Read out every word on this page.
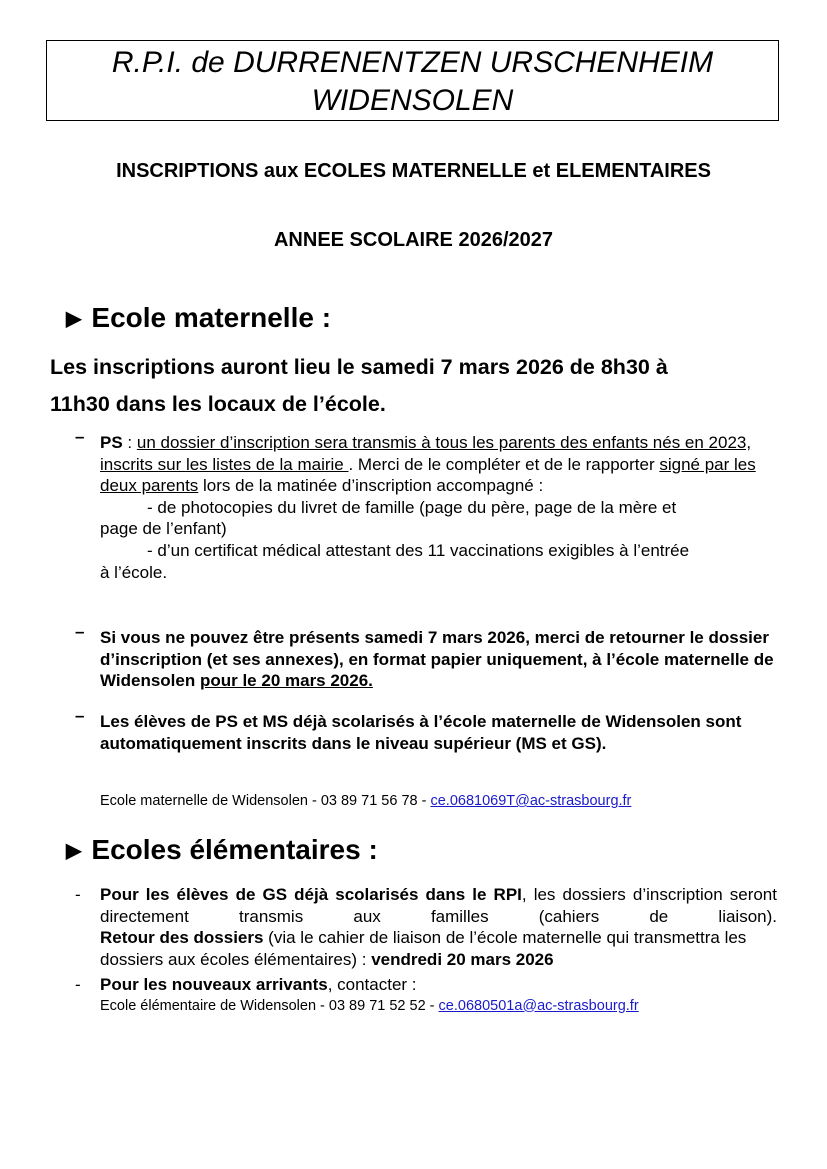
R.P.I. de DURRENENTZEN URSCHENHEIM
WIDENSOLEN
INSCRIPTIONS aux ECOLES MATERNELLE et ELEMENTAIRES
ANNEE SCOLAIRE 2026/2027
▶ Ecole maternelle :
Les inscriptions auront lieu le samedi 7 mars 2026 de 8h30 à
11h30 dans les locaux de l’école.
– PS : un dossier d’inscription sera transmis à tous les parents des enfants nés en 2023, inscrits sur les listes de la mairie . Merci de le compléter et de le rapporter signé par les deux parents lors de la matinée d’inscription accompagné :
- de photocopies du livret de famille (page du père, page de la mère et
page de l’enfant)
- d’un certificat médical attestant des 11 vaccinations exigibles à l’entrée
à l’école.
– Si vous ne pouvez être présents samedi 7 mars 2026, merci de retourner le dossier d’inscription (et ses annexes), en format papier uniquement, à l’école maternelle de Widensolen pour le 20 mars 2026.
– Les élèves de PS et MS déjà scolarisés à l’école maternelle de Widensolen sont automatiquement inscrits dans le niveau supérieur (MS et GS).
Ecole maternelle de Widensolen - 03 89 71 56 78 - ce.0681069T@ac-strasbourg.fr
▶ Ecoles élémentaires :
- Pour les élèves de GS déjà scolarisés dans le RPI, les dossiers d’inscription seront directement transmis aux familles (cahiers de liaison).
Retour des dossiers (via le cahier de liaison de l’école maternelle qui transmettra les dossiers aux écoles élémentaires) : vendredi 20 mars 2026
- Pour les nouveaux arrivants, contacter :
Ecole élémentaire de Widensolen - 03 89 71 52 52 - ce.0680501a@ac-strasbourg.fr
